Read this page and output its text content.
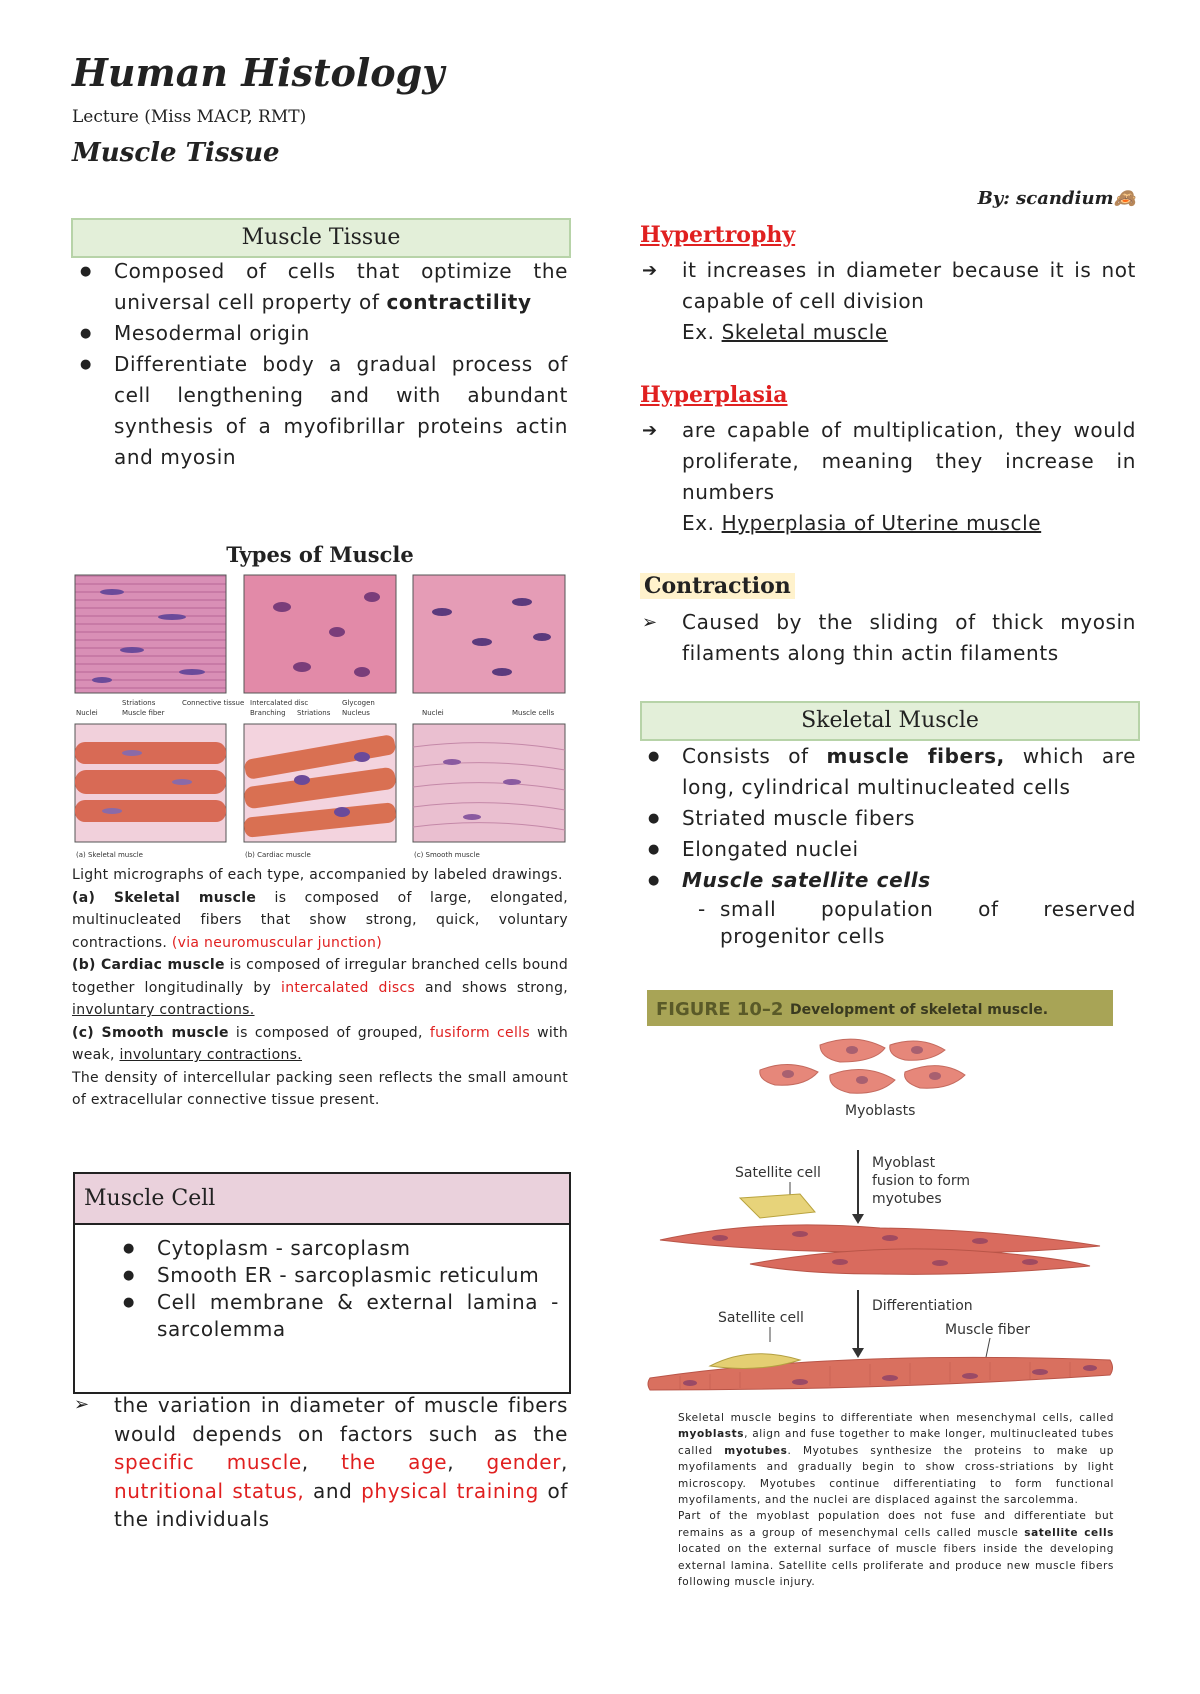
Human Histology
Lecture (Miss MACP, RMT)
Muscle Tissue
By: scandium🙈
Muscle Tissue
● Composed of cells that optimize the universal cell property of contractility
● Mesodermal origin
● Differentiate body a gradual process of cell lengthening and with abundant synthesis of a myofibrillar proteins actin and myosin
Types of Muscle
Nuclei
Striations
Muscle fiber
Connective tissue Intercalated disc
Branching Striations
Glycogen
Nucleus	Nuclei	Muscle cells
(a) Skeletal muscle	(b) Cardiac muscle	(c) Smooth muscle
Light micrographs of each type, accompanied by labeled drawings.
(a) Skeletal muscle is composed of large, elongated, multinucleated fibers that show strong, quick, voluntary contractions. (via neuromuscular junction)
(b) Cardiac muscle is composed of irregular branched cells bound together longitudinally by intercalated discs and shows strong, involuntary contractions.
(c) Smooth muscle is composed of grouped, fusiform cells with weak, involuntary contractions.
The density of intercellular packing seen reflects the small amount of extracellular connective tissue present.
Muscle Cell
● Cytoplasm - sarcoplasm
● Smooth ER - sarcoplasmic reticulum
● Cell membrane & external lamina - sarcolemma
➢ the variation in diameter of muscle fibers would depends on factors such as the specific muscle, the age, gender, nutritional status, and physical training of the individuals
Hypertrophy
➔ it increases in diameter because it is not capable of cell division
Ex. Skeletal muscle
Hyperplasia
➔ are capable of multiplication, they would proliferate, meaning they increase in numbers
Ex. Hyperplasia of Uterine muscle
Contraction
➢ Caused by the sliding of thick myosin filaments along thin actin filaments
Skeletal Muscle
● Consists of muscle fibers, which are long, cylindrical multinucleated cells
● Striated muscle fibers
● Elongated nuclei
● Muscle satellite cells
- small population of reserved progenitor cells
FIGURE 10–2 Development of skeletal muscle.
Myoblasts
Satellite cell
Myoblast fusion to form myotubes
Differentiation
Satellite cell
Muscle fiber
Skeletal muscle begins to differentiate when mesenchymal cells, called myoblasts, align and fuse together to make longer, multinucleated tubes called myotubes. Myotubes synthesize the proteins to make up myofilaments and gradually begin to show cross-striations by light microscopy. Myotubes continue differentiating to form functional myofilaments, and the nuclei are displaced against the sarcolemma.
Part of the myoblast population does not fuse and differentiate but remains as a group of mesenchymal cells called muscle satellite cells located on the external surface of muscle fibers inside the developing external lamina. Satellite cells proliferate and produce new muscle fibers following muscle injury.
